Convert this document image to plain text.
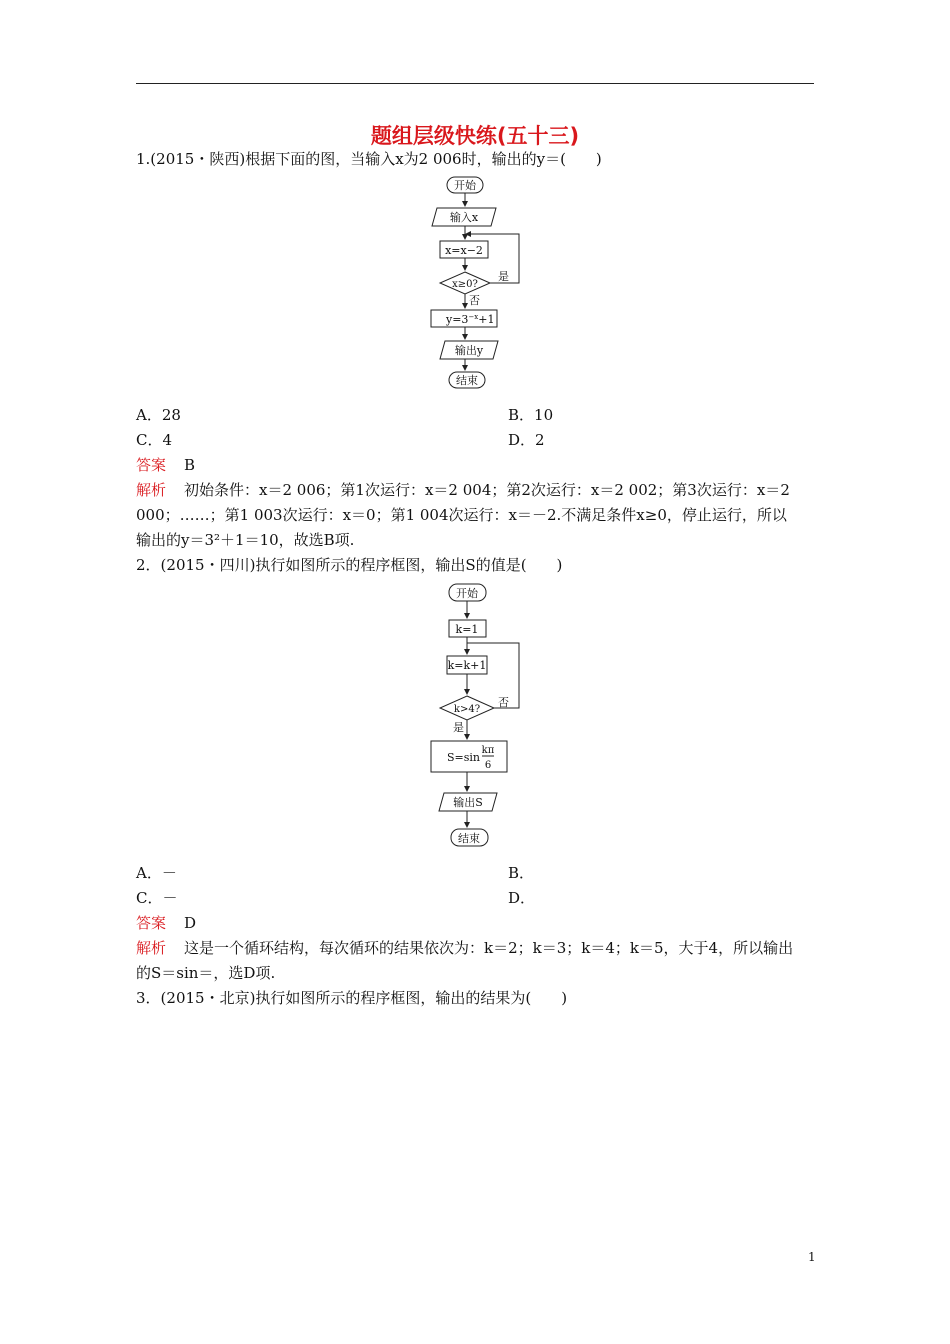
题组层级快练(五十三)
1.(2015・陕西)根据下面的图，当输入x为2 006时，输出的y＝(　　)
开始
输入x
x=x−2
x≥0?
是
否
$y=3^{-x}+1$
输出y
结束
A．28	B．10
C．4	D．2
答案 B
解析 初始条件：x＝2 006；第1次运行：x＝2 004；第2次运行：x＝2 002；第3次运行：x＝2
000；……；第1 003次运行：x＝0；第1 004次运行：x＝－2.不满足条件x≥0，停止运行，所以
输出的y＝3²＋1＝10，故选B项.
2．(2015・四川)执行如图所示的程序框图，输出S的值是(　　)
开始
k=1
k=k+1
k>4?
否
是
S=sin
kπ
6
输出S
结束
A．－	B．
C．－	D．
答案 D
解析 这是一个循环结构，每次循环的结果依次为：k＝2；k＝3；k＝4；k＝5，大于4，所以输出
的S＝sin＝，选D项.
3．(2015・北京)执行如图所示的程序框图，输出的结果为(　　)
1
